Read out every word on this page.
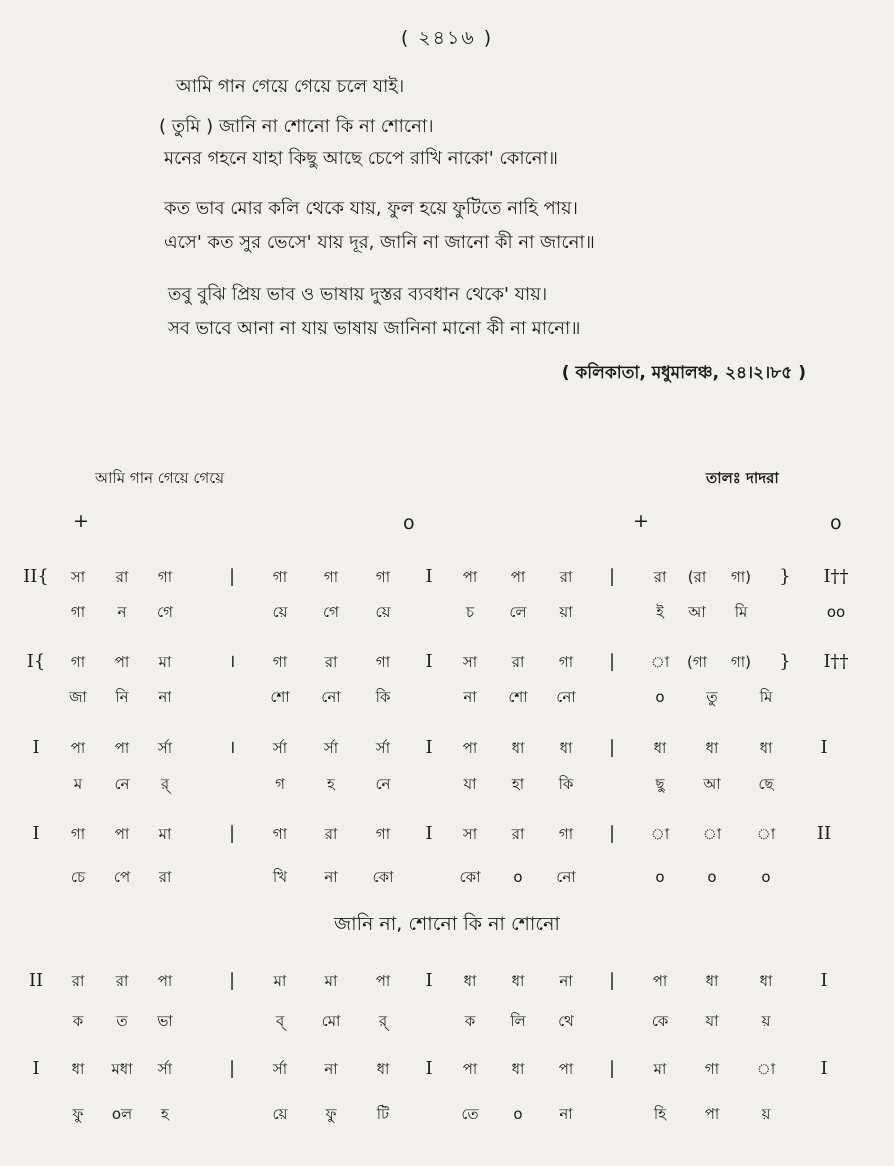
( ২৪১৬ )
আমি গান গেয়ে গেয়ে চলে যাই।
( তুমি ) জানি না শোনো কি না শোনো।
মনের গহনে যাহা কিছু আছে চেপে রাখি নাকো' কোনো॥
কত ভাব মোর কলি থেকে যায়, ফুল হয়ে ফুটিতে নাহি পায়।
এসে' কত সুর ভেসে' যায় দূর, জানি না জানো কী না জানো॥
তবু বুঝি প্রিয় ভাব ও ভাষায় দুস্তর ব্যবধান থেকে' যায়।
সব ভাবে আনা না যায় ভাষায় জানিনা মানো কী না মানো॥
( কলিকাতা, মধুমালঞ্চ, ২৪।২।৮৫ )
আমি গান গেয়ে গেয়ে	তালঃ দাদরা
+	o	+	o
II{	সা	রা	গা	|	গা	গা	গা	I	পা	পা	রা	|	রা	(রা	গা)	}	I††
গা	ন	গে	য়ে	গে	য়ে	চ	লে	য়া	ই	আ	মি	oo
I{	গা	পা	মা	।	গা	রা	গা	I	সা	রা	গা	|	া	(গা	গা)	}	I††
জা	নি	না	শো	নো	কি	না	শো	নো	o	তু	মি
I	পা	পা	র্সা	।	র্সা	র্সা	র্সা	I	পা	ধা	ধা	|	ধা	ধা	ধা	I
ম	নে	র্	গ	হ	নে	যা	হা	কি	ছু	আ	ছে
I	গা	পা	মা	|	গা	রা	গা	I	সা	রা	গা	|	া	া	া	II
চে	পে	রা	খি	না	কো	কো	o	নো	o	o	o
II	রা	রা	পা	|	মা	মা	পা	I	ধা	ধা	না	|	পা	ধা	ধা	I
ক	ত	ভা	ব্	মো	র্	ক	লি	থে	কে	যা	য়
I	ধা	মধা	র্সা	|	র্সা	না	ধা	I	পা	ধা	পা	|	মা	গা	া	I
ফু	oল	হ	য়ে	ফু	টি	তে	o	না	হি	পা	য়
জানি না, শোনো কি না শোনো
